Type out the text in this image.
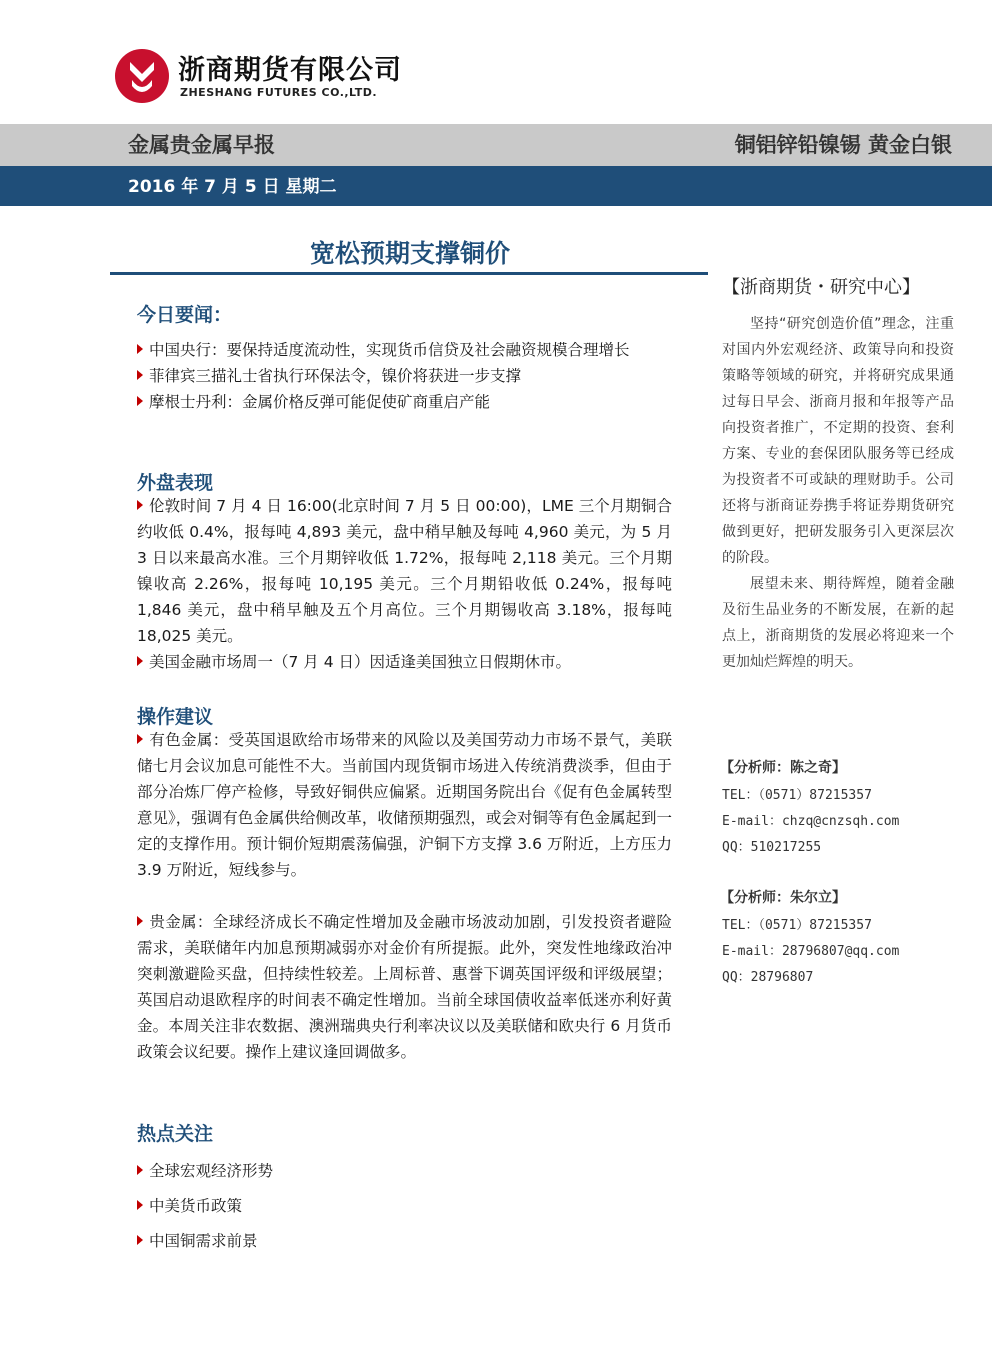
浙商期货有限公司
ZHESHANG FUTURES CO.,LTD.
金属贵金属早报	铜铝锌铅镍锡 黄金白银
2016 年 7 月 5 日 星期二
宽松预期支撑铜价
今日要闻：

中国央行：要保持适度流动性，实现货币信贷及社会融资规模合理增长

菲律宾三描礼士省执行环保法令，镍价将获进一步支撑

摩根士丹利：金属价格反弹可能促使矿商重启产能

外盘表现

伦敦时间 7 月 4 日 16:00(北京时间 7 月 5 日 00:00)，LME 三个月期铜合约收低 0.4%，报每吨 4,893 美元，盘中稍早触及每吨 4,960 美元，为 5 月 3 日以来最高水准。三个月期锌收低 1.72%，报每吨 2,118 美元。三个月期镍收高 2.26%，报每吨 10,195 美元。三个月期铅收低 0.24%，报每吨 1,846 美元，盘中稍早触及五个月高位。三个月期锡收高 3.18%，报每吨 18,025 美元。

美国金融市场周一（7 月 4 日）因适逢美国独立日假期休市。

操作建议

有色金属：受英国退欧给市场带来的风险以及美国劳动力市场不景气，美联储七月会议加息可能性不大。当前国内现货铜市场进入传统消费淡季，但由于部分冶炼厂停产检修，导致好铜供应偏紧。近期国务院出台《促有色金属转型意见》，强调有色金属供给侧改革，收储预期强烈，或会对铜等有色金属起到一定的支撑作用。预计铜价短期震荡偏强，沪铜下方支撑 3.6 万附近，上方压力 3.9 万附近，短线参与。

贵金属：全球经济成长不确定性增加及金融市场波动加剧，引发投资者避险需求，美联储年内加息预期减弱亦对金价有所提振。此外，突发性地缘政治冲突刺激避险买盘，但持续性较差。上周标普、惠誉下调英国评级和评级展望；英国启动退欧程序的时间表不确定性增加。当前全球国债收益率低迷亦利好黄金。本周关注非农数据、澳洲瑞典央行利率决议以及美联储和欧央行 6 月货币政策会议纪要。操作上建议逢回调做多。

热点关注

全球宏观经济形势

中美货币政策

中国铜需求前景

【浙商期货・研究中心】
坚持“研究创造价值”理念，注重对国内外宏观经济、政策导向和投资策略等领域的研究，并将研究成果通过每日早会、浙商月报和年报等产品向投资者推广，不定期的投资、套利方案、专业的套保团队服务等已经成为投资者不可或缺的理财助手。公司还将与浙商证券携手将证券期货研究做到更好，把研发服务引入更深层次的阶段。
展望未来、期待辉煌，随着金融及衍生品业务的不断发展，在新的起点上，浙商期货的发展必将迎来一个更加灿烂辉煌的明天。
【分析师：陈之奇】
TEL：（0571）87215357
E-mail：chzq@cnzsqh.com
QQ：510217255
【分析师：朱尔立】
TEL：（0571）87215357
E-mail：28796807@qq.com
QQ：28796807
